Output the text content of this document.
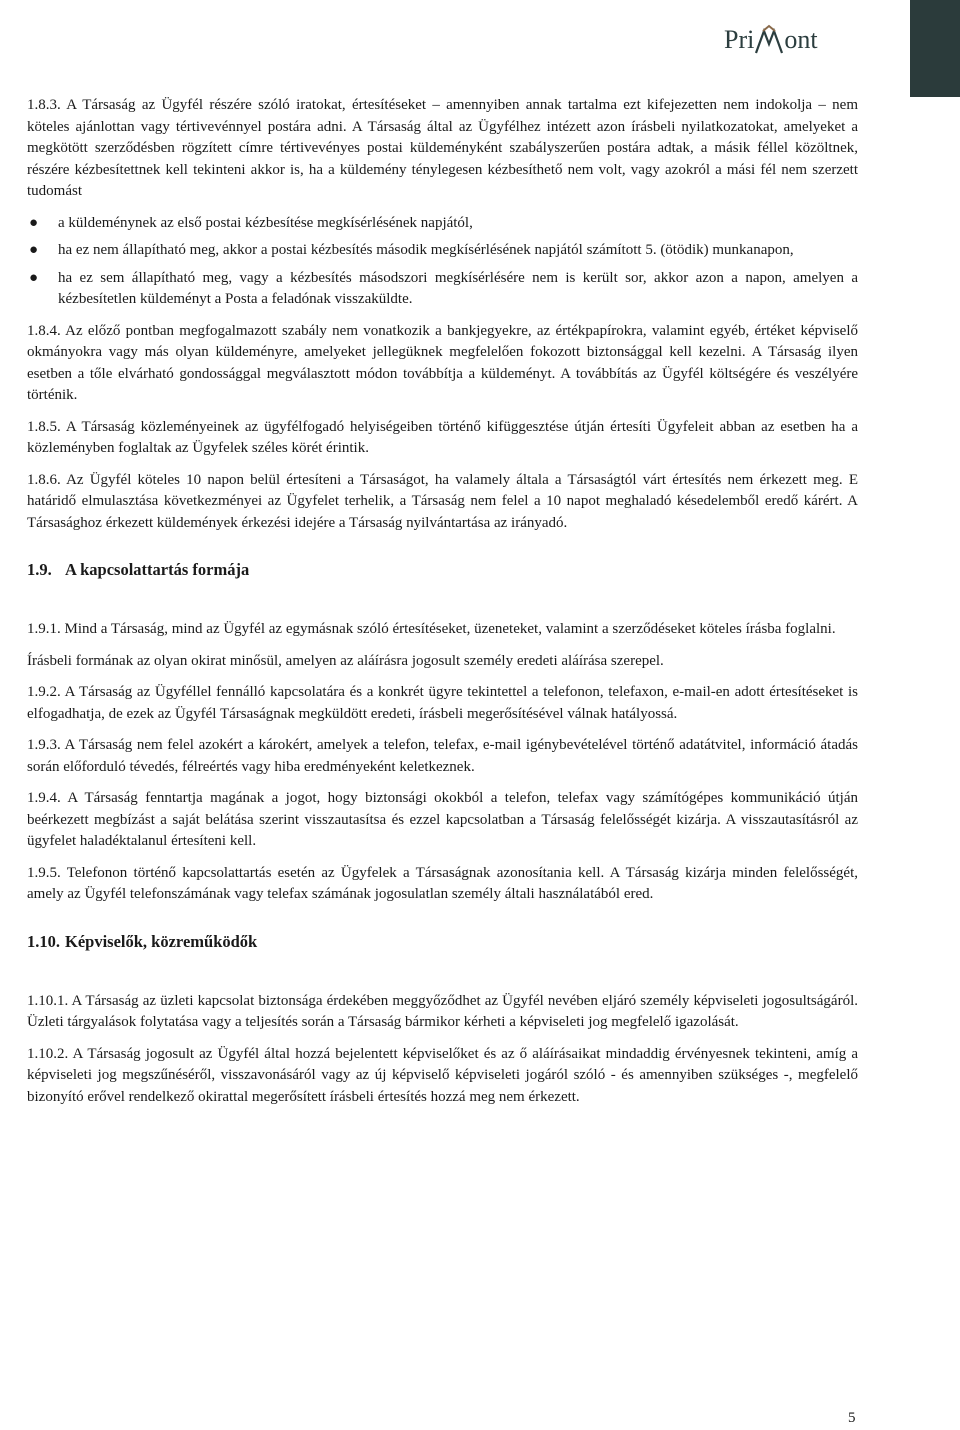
Pri ont

1.8.3. A Társaság az Ügyfél részére szóló iratokat, értesítéseket – amennyiben annak tartalma ezt kifejezetten nem indokolja – nem köteles ajánlottan vagy tértivevénnyel postára adni. A Társaság által az Ügyfélhez intézett azon írásbeli nyilatkozatokat, amelyeket a megkötött szerződésben rögzített címre tértivevényes postai küldeményként szabályszerűen postára adtak, a másik féllel közöltnek, részére kézbesítettnek kell tekinteni akkor is, ha a küldemény ténylegesen kézbesíthető nem volt, vagy azokról a mási fél nem szerzett tudomást

● a küldeménynek az első postai kézbesítése megkísérlésének napjától,
● ha ez nem állapítható meg, akkor a postai kézbesítés második megkísérlésének napjától számított 5. (ötödik) munkanapon,
● ha ez sem állapítható meg, vagy a kézbesítés másodszori megkísérlésére nem is került sor, akkor azon a napon, amelyen a kézbesítetlen küldeményt a Posta a feladónak visszaküldte.

1.8.4. Az előző pontban megfogalmazott szabály nem vonatkozik a bankjegyekre, az értékpapírokra, valamint egyéb, értéket képviselő okmányokra vagy más olyan küldeményre, amelyeket jellegüknek megfelelően fokozott biztonsággal kell kezelni. A Társaság ilyen esetben a tőle elvárható gondossággal megválasztott módon továbbítja a küldeményt. A továbbítás az Ügyfél költségére és veszélyére történik.

1.8.5. A Társaság közleményeinek az ügyfélfogadó helyiségeiben történő kifüggesztése útján értesíti Ügyfeleit abban az esetben ha a közleményben foglaltak az Ügyfelek széles körét érintik.

1.8.6. Az Ügyfél köteles 10 napon belül értesíteni a Társaságot, ha valamely általa a Társaságtól várt értesítés nem érkezett meg. E határidő elmulasztása következményei az Ügyfelet terhelik, a Társaság nem felel a 10 napot meghaladó késedelemből eredő kárért. A Társasághoz érkezett küldemények érkezési idejére a Társaság nyilvántartása az irányadó.

1.9. A kapcsolattartás formája

1.9.1. Mind a Társaság, mind az Ügyfél az egymásnak szóló értesítéseket, üzeneteket, valamint a szerződéseket köteles írásba foglalni.

Írásbeli formának az olyan okirat minősül, amelyen az aláírásra jogosult személy eredeti aláírása szerepel.

1.9.2. A Társaság az Ügyféllel fennálló kapcsolatára és a konkrét ügyre tekintettel a telefonon, telefaxon, e-mail-en adott értesítéseket is elfogadhatja, de ezek az Ügyfél Társaságnak megküldött eredeti, írásbeli megerősítésével válnak hatályossá.

1.9.3. A Társaság nem felel azokért a károkért, amelyek a telefon, telefax, e-mail igénybevételével történő adatátvitel, információ átadás során előforduló tévedés, félreértés vagy hiba eredményeként keletkeznek.

1.9.4. A Társaság fenntartja magának a jogot, hogy biztonsági okokból a telefon, telefax vagy számítógépes kommunikáció útján beérkezett megbízást a saját belátása szerint visszautasítsa és ezzel kapcsolatban a Társaság felelősségét kizárja. A visszautasításról az ügyfelet haladéktalanul értesíteni kell.

1.9.5. Telefonon történő kapcsolattartás esetén az Ügyfelek a Társaságnak azonosítania kell. A Társaság kizárja minden felelősségét, amely az Ügyfél telefonszámának vagy telefax számának jogosulatlan személy általi használatából ered.

1.10. Képviselők, közreműködők

1.10.1. A Társaság az üzleti kapcsolat biztonsága érdekében meggyőződhet az Ügyfél nevében eljáró személy képviseleti jogosultságáról. Üzleti tárgyalások folytatása vagy a teljesítés során a Társaság bármikor kérheti a képviseleti jog megfelelő igazolását.

1.10.2. A Társaság jogosult az Ügyfél által hozzá bejelentett képviselőket és az ő aláírásaikat mindaddig érvényesnek tekinteni, amíg a képviseleti jog megszűnéséről, visszavonásáról vagy az új képviselő képviseleti jogáról szóló - és amennyiben szükséges -, megfelelő bizonyító erővel rendelkező okirattal megerősített írásbeli értesítés hozzá meg nem érkezett.

5
